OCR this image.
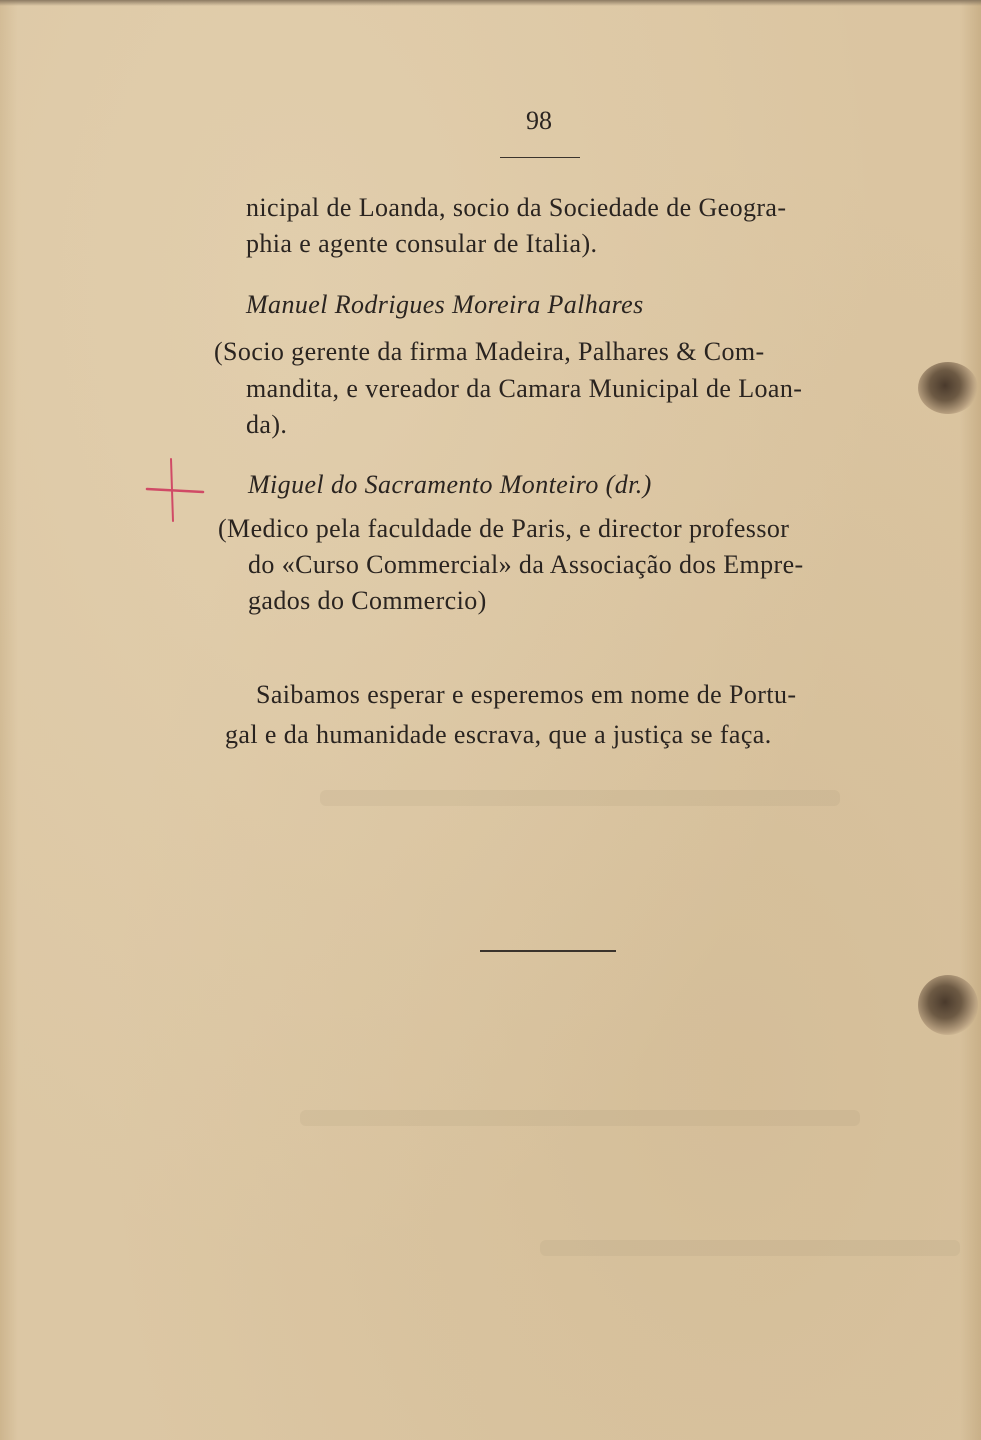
98
nicipal de Loanda, socio da Sociedade de Geogra-
phia e agente consular de Italia).
Manuel Rodrigues Moreira Palhares
(Socio gerente da firma Madeira, Palhares & Com-
mandita, e vereador da Camara Municipal de Loan-
da).
Miguel do Sacramento Monteiro (dr.)
(Medico pela faculdade de Paris, e director professor
do «Curso Commercial» da Associação dos Empre-
gados do Commercio)
Saibamos esperar e esperemos em nome de Portu-
gal e da humanidade escrava, que a justiça se faça.
